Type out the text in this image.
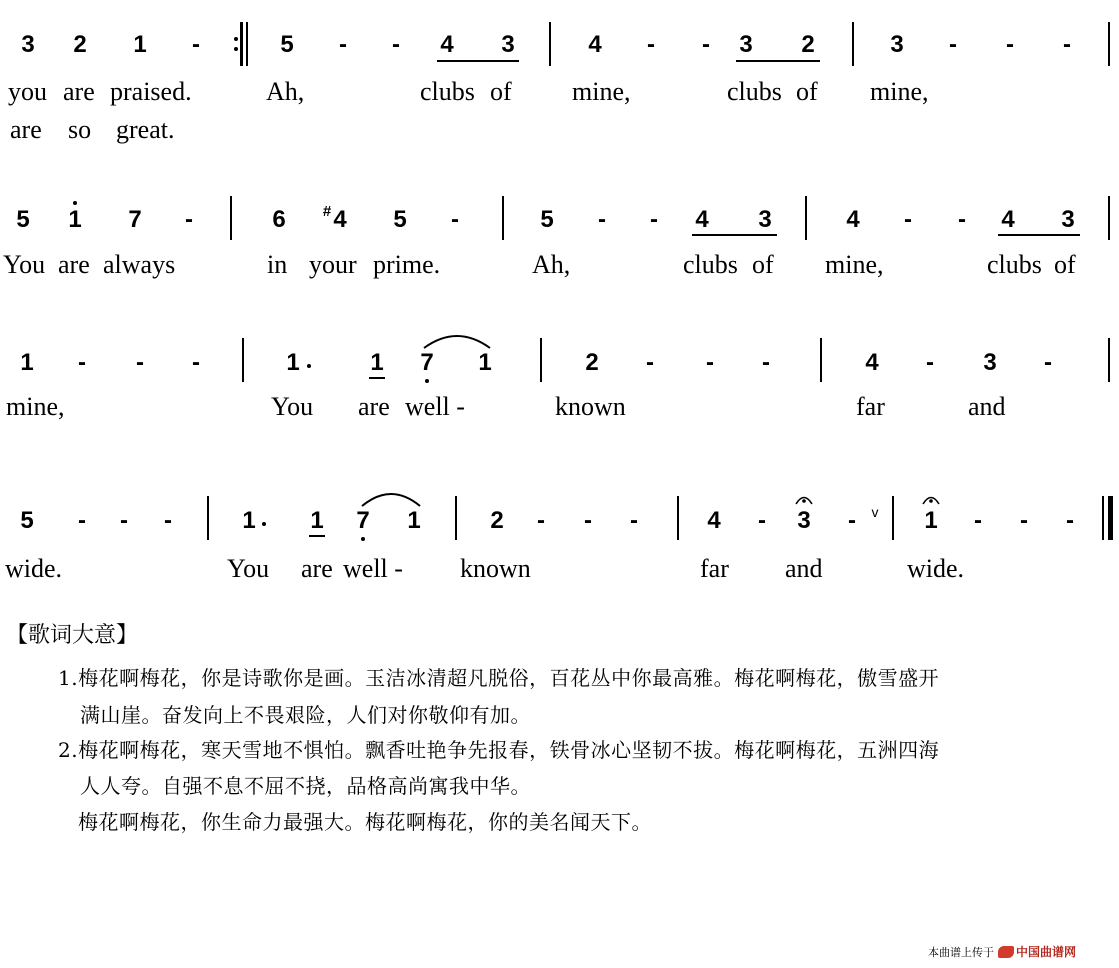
3 2 1 -	5 - - 4 3	4 - - 3 2	3 - - -
you are praised.	Ah,	clubs of mine,	clubs of mine,
are so great.
5 1 7 -	6 # 4 5 -	5 - - 4 3	4 - - 4 3
You are always	in your prime.	Ah,	clubs of mine,	clubs of
1 - - -	1	1 7 1	2 - - -	4 - 3 -
mine,	You are well -	known	far	and
5 - - -	1 1 7 1	2 - - -	4 - 3 - v 1 - - -
wide.	You are well - known	far and	wide.
【歌词大意】
1.梅花啊梅花，你是诗歌你是画。玉洁冰清超凡脱俗，百花丛中你最高雅。梅花啊梅花，傲雪盛开
满山崖。奋发向上不畏艰险，人们对你敬仰有加。
2.梅花啊梅花，寒天雪地不惧怕。飘香吐艳争先报春，铁骨冰心坚韧不拔。梅花啊梅花，五洲四海
人人夸。自强不息不屈不挠，品格高尚寓我中华。
梅花啊梅花，你生命力最强大。梅花啊梅花，你的美名闻天下。
本曲谱上传于 中国曲谱网
